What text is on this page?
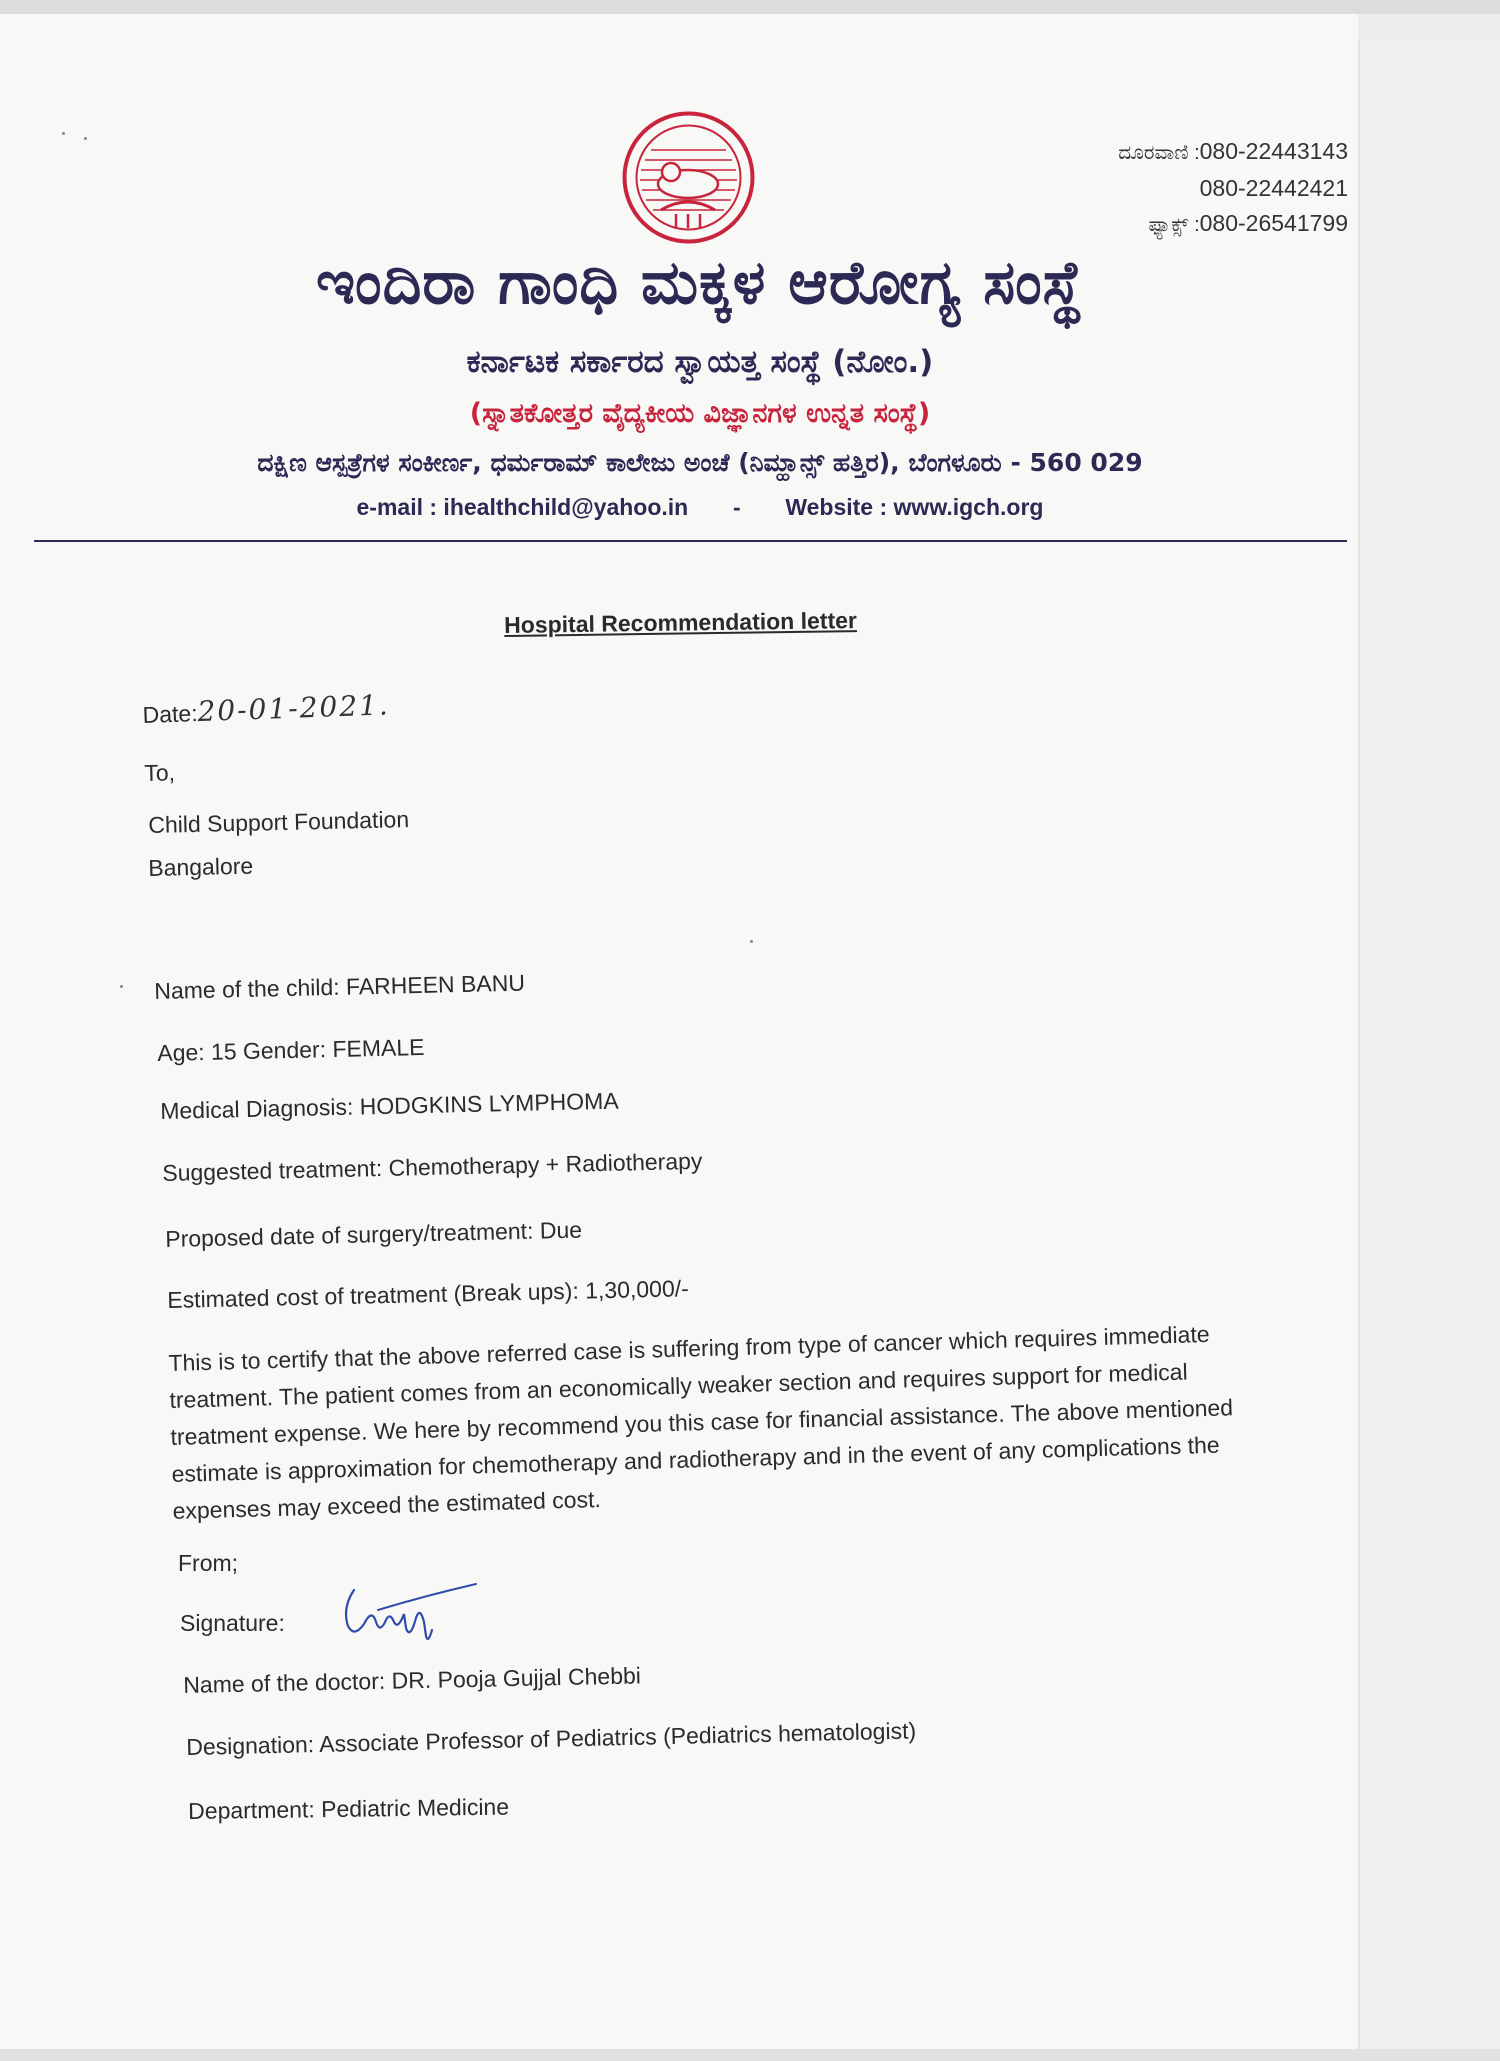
ದೂರವಾಣಿ :080-22443143
080-22442421
ಫ್ಯಾಕ್ಸ್ :080-26541799
ಇಂದಿರಾ ಗಾಂಧಿ ಮಕ್ಕಳ ಆರೋಗ್ಯ ಸಂಸ್ಥೆ
ಕರ್ನಾಟಕ ಸರ್ಕಾರದ ಸ್ವಾಯತ್ತ ಸಂಸ್ಥೆ (ನೋಂ.)
(ಸ್ನಾತಕೋತ್ತರ ವೈದ್ಯಕೀಯ ವಿಜ್ಞಾನಗಳ ಉನ್ನತ ಸಂಸ್ಥೆ)
ದಕ್ಷಿಣ ಆಸ್ಪತ್ರೆಗಳ ಸಂಕೀರ್ಣ, ಧರ್ಮರಾಮ್ ಕಾಲೇಜು ಅಂಚೆ (ನಿಮ್ಹಾನ್ಸ್ ಹತ್ತಿರ), ಬೆಂಗಳೂರು - 560 029
e-mail : ihealthchild@yahoo.in       -       Website : www.igch.org
Hospital Recommendation letter
Date:20-01-2021.
To,
Child Support Foundation
Bangalore
Name of the child: FARHEEN BANU
Age: 15 Gender: FEMALE
Medical Diagnosis: HODGKINS LYMPHOMA
Suggested treatment: Chemotherapy + Radiotherapy
Proposed date of surgery/treatment: Due
Estimated cost of treatment (Break ups): 1,30,000/-
This is to certify that the above referred case is suffering from type of cancer which requires immediate treatment. The patient comes from an economically weaker section and requires support for medical treatment expense. We here by recommend you this case for financial assistance. The above mentioned estimate is approximation for chemotherapy and radiotherapy and in the event of any complications the expenses may exceed the estimated cost.
From;
Signature:
Name of the doctor: DR. Pooja Gujjal Chebbi
Designation: Associate Professor of Pediatrics (Pediatrics hematologist)
Department: Pediatric Medicine
